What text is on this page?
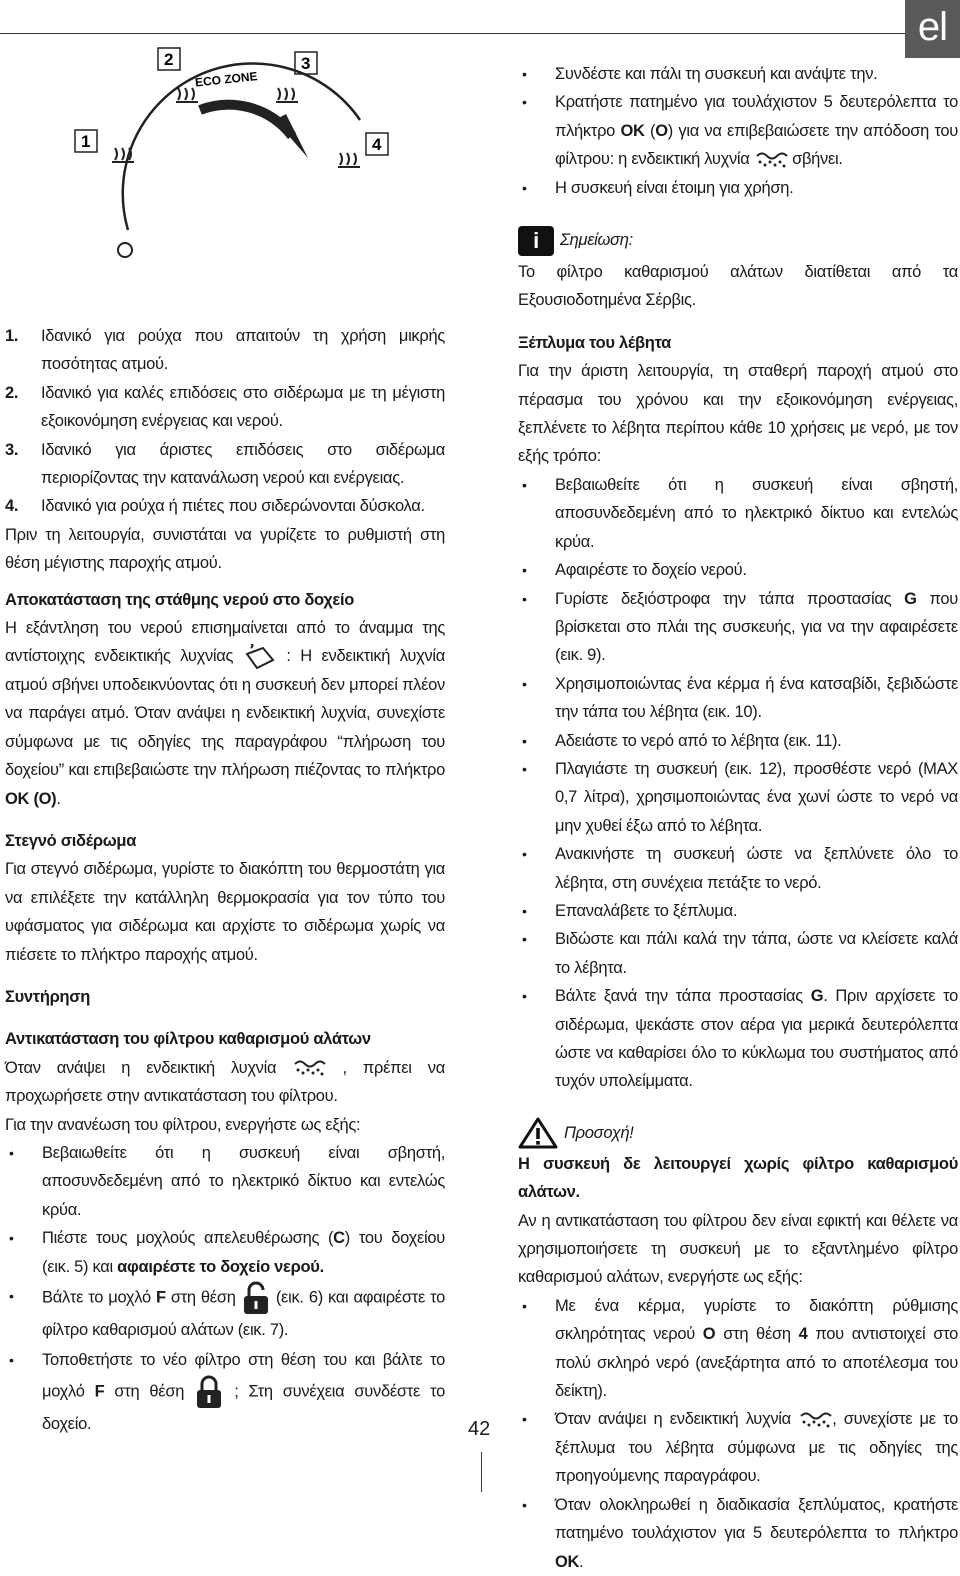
el
1
2	3
4
ECO ZONE
1.	Ιδανικό για ρούχα που απαιτούν τη χρήση μικρής ποσότητας ατμού.
2.	Ιδανικό για καλές επιδόσεις στο σιδέρωμα με τη μέγιστη εξοικονόμηση ενέργειας και νερού.
3.	Ιδανικό για άριστες επιδόσεις στο σιδέρωμα περιορίζοντας την κατανάλωση νερού και ενέργειας.
4.	Ιδανικό για ρούχα ή πιέτες που σιδερώνονται δύσκολα.

Πριν τη λειτουργία, συνιστάται να γυρίζετε το ρυθμιστή στη θέση μέγιστης παροχής ατμού.

Αποκατάσταση της στάθμης νερού στο δοχείο

Η εξάντληση του νερού επισημαίνεται από το άναμμα της αντίστοιχης ενδεικτικής λυχνίας	: Η ενδεικτική λυχνία ατμού σβήνει υποδεικνύοντας ότι η συσκευή δεν μπορεί πλέον να παράγει ατμό. Όταν ανάψει η ενδεικτική λυχνία, συνεχίστε σύμφωνα με τις οδηγίες της παραγράφου “πλήρωση του δοχείου” και επιβεβαιώστε την πλήρωση πιέζοντας το πλήκτρο OK (O).

Στεγνό σιδέρωμα

Για στεγνό σιδέρωμα, γυρίστε το διακόπτη του θερμοστάτη για να επιλέξετε την κατάλληλη θερμοκρασία για τον τύπο του υφάσματος για σιδέρωμα και αρχίστε το σιδέρωμα χωρίς να πιέσετε το πλήκτρο παροχής ατμού.

Συντήρηση

Αντικατάσταση του φίλτρου καθαρισμού αλάτων

Όταν ανάψει η ενδεικτική λυχνία	, πρέπει να προχωρήσετε στην αντικατάσταση του φίλτρου.

Για την ανανέωση του φίλτρου, ενεργήστε ως εξής:

• Βεβαιωθείτε ότι η συσκευή είναι σβηστή, αποσυνδεδεμένη από το ηλεκτρικό δίκτυο και εντελώς κρύα.
• Πιέστε τους μοχλούς απελευθέρωσης (C) του δοχείου (εικ. 5) και αφαιρέστε το δοχείο νερού.
• Βάλτε το μοχλό F στη θέση (εικ. 6) και αφαιρέστε το φίλτρο καθαρισμού αλάτων (εικ. 7).
• Τοποθετήστε το νέο φίλτρο στη θέση του και βάλτε το μοχλό F στη θέση	; Στη συνέχεια συνδέστε το δοχείο.
• Συνδέστε και πάλι τη συσκευή και ανάψτε την.
• Κρατήστε πατημένο για τουλάχιστον 5 δευτερόλεπτα το πλήκτρο OK (O) για να επιβεβαιώσετε την απόδοση του φίλτρου: η ενδεικτική λυχνία	σβήνει.
• Η συσκευή είναι έτοιμη για χρήση.

i Σημείωση:

Το φίλτρο καθαρισμού αλάτων διατίθεται από τα Εξουσιοδοτημένα Σέρβις.

Ξέπλυμα του λέβητα

Για την άριστη λειτουργία, τη σταθερή παροχή ατμού στο πέρασμα του χρόνου και την εξοικονόμηση ενέργειας, ξεπλένετε το λέβητα περίπου κάθε 10 χρήσεις με νερό, με τον εξής τρόπο:

• Βεβαιωθείτε ότι η συσκευή είναι σβηστή, αποσυνδεδεμένη από το ηλεκτρικό δίκτυο και εντελώς κρύα.
• Αφαιρέστε το δοχείο νερού.
• Γυρίστε δεξιόστροφα την τάπα προστασίας G που βρίσκεται στο πλάι της συσκευής, για να την αφαιρέσετε (εικ. 9).
• Χρησιμοποιώντας ένα κέρμα ή ένα κατσαβίδι, ξεβιδώστε την τάπα του λέβητα (εικ. 10).
• Αδειάστε το νερό από το λέβητα (εικ. 11).
• Πλαγιάστε τη συσκευή (εικ. 12), προσθέστε νερό (MAX 0,7 λίτρα), χρησιμοποιώντας ένα χωνί ώστε το νερό να μην χυθεί έξω από το λέβητα.
• Ανακινήστε τη συσκευή ώστε να ξεπλύνετε όλο το λέβητα, στη συνέχεια πετάξτε το νερό.
• Επαναλάβετε το ξέπλυμα.
• Βιδώστε και πάλι καλά την τάπα, ώστε να κλείσετε καλά το λέβητα.
• Βάλτε ξανά την τάπα προστασίας G. Πριν αρχίσετε το σιδέρωμα, ψεκάστε στον αέρα για μερικά δευτερόλεπτα ώστε να καθαρίσει όλο το κύκλωμα του συστήματος από τυχόν υπολείμματα.

Προσοχή!

Η συσκευή δε λειτουργεί χωρίς φίλτρο καθαρισμού αλάτων.

Αν η αντικατάσταση του φίλτρου δεν είναι εφικτή και θέλετε να χρησιμοποιήσετε τη συσκευή με το εξαντλημένο φίλτρο καθαρισμού αλάτων, ενεργήστε ως εξής:

• Με ένα κέρμα, γυρίστε το διακόπτη ρύθμισης σκληρότητας νερού O στη θέση 4 που αντιστοιχεί στο πολύ σκληρό νερό (ανεξάρτητα από το αποτέλεσμα του δείκτη).
• Όταν ανάψει η ενδεικτική λυχνία	, συνεχίστε με το ξέπλυμα του λέβητα σύμφωνα με τις οδηγίες της προηγούμενης παραγράφου.
• Όταν ολοκληρωθεί η διαδικασία ξεπλύματος, κρατήστε πατημένο τουλάχιστον για 5 δευτερόλεπτα το πλήκτρο OK.
42
